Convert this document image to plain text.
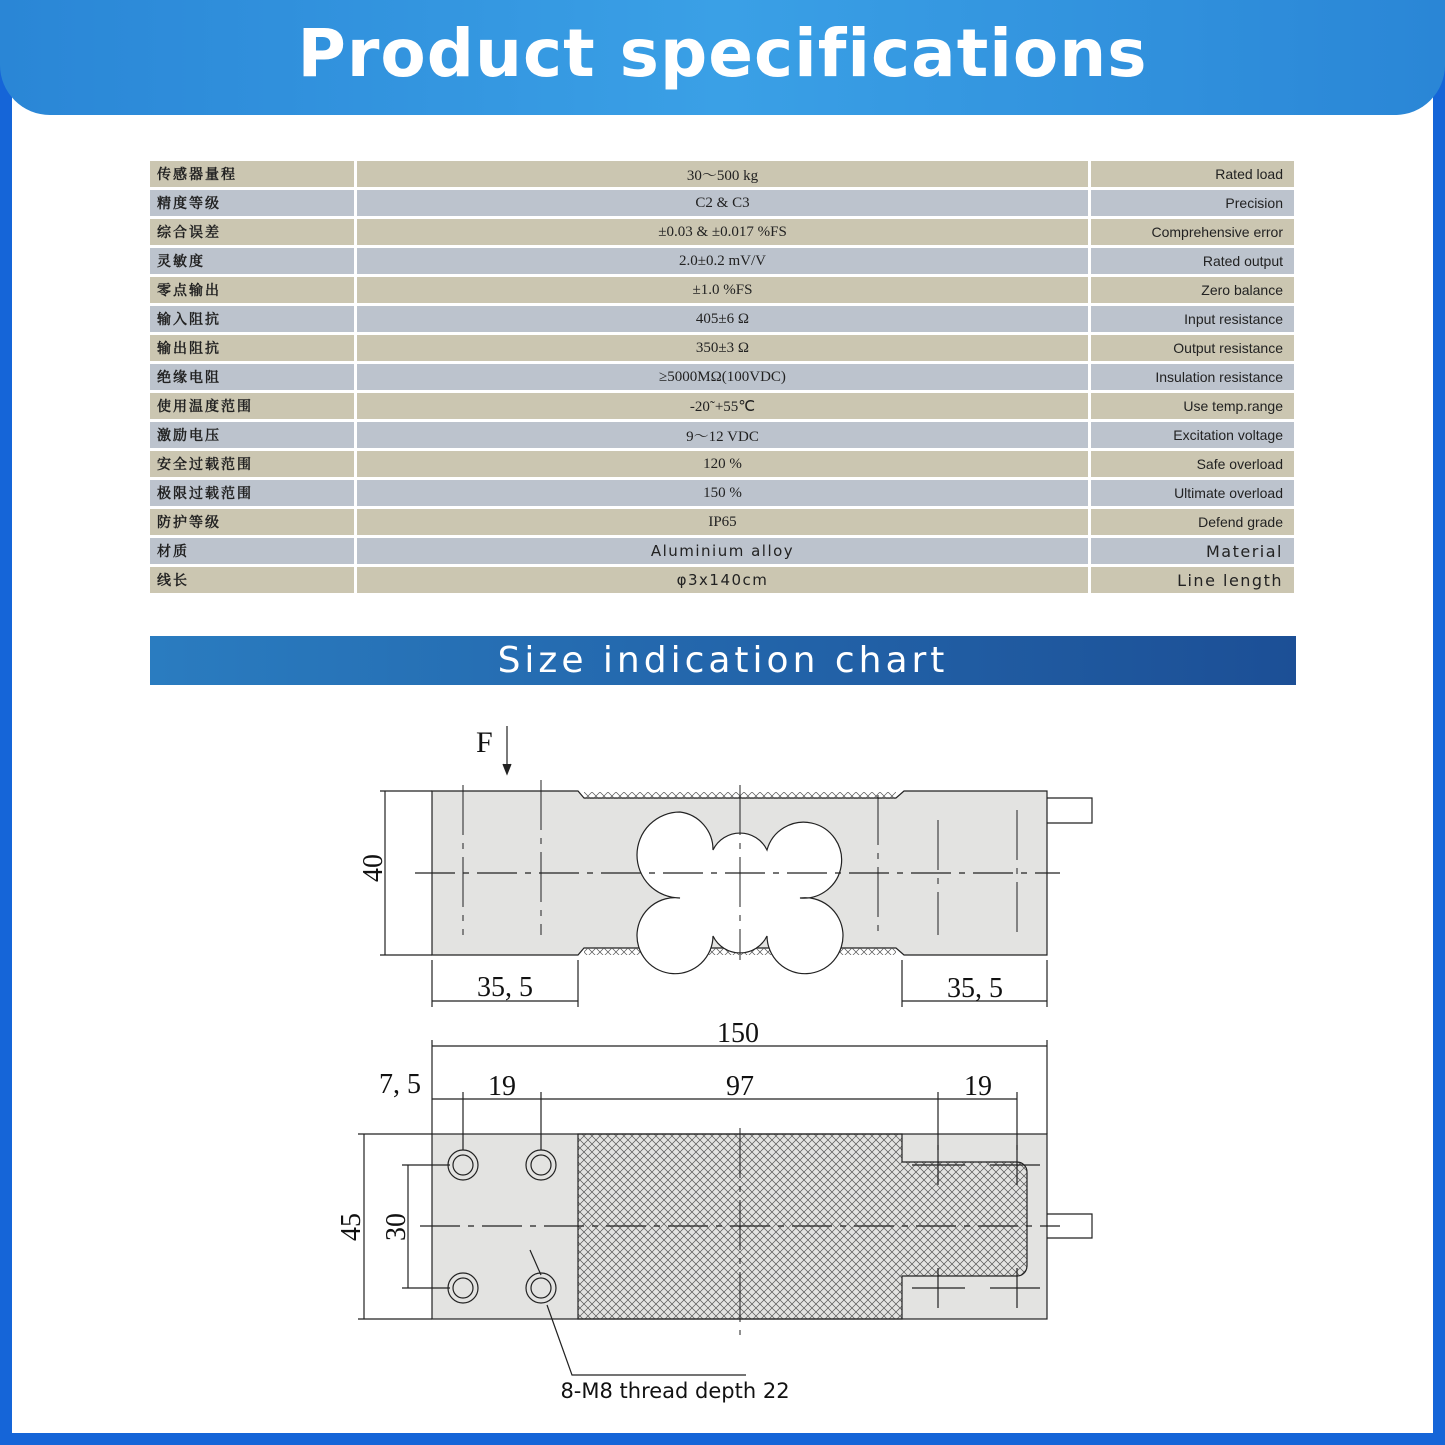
Product specifications
传感器量程	30～500 kg	Rated load
精度等级	C2 & C3	Precision
综合误差	±0.03 & ±0.017 %FS	Comprehensive error
灵敏度	2.0±0.2 mV/V	Rated output
零点输出	±1.0 %FS	Zero balance
输入阻抗	405±6 Ω	Input resistance
输出阻抗	350±3 Ω	Output resistance
绝缘电阻	≥5000MΩ(100VDC)	Insulation resistance
使用温度范围	-20˜+55℃	Use temp.range
激励电压	9～12 VDC	Excitation voltage
安全过载范围	120 %	Safe overload
极限过载范围	150 %	Ultimate overload
防护等级	IP65	Defend grade
材质	Aluminium alloy	Material
线长	φ3x140cm	Line length
Size indication chart
F
40
35, 5	35, 5
150
7, 5 19	97	19
45 30
8-M8 thread depth 22
